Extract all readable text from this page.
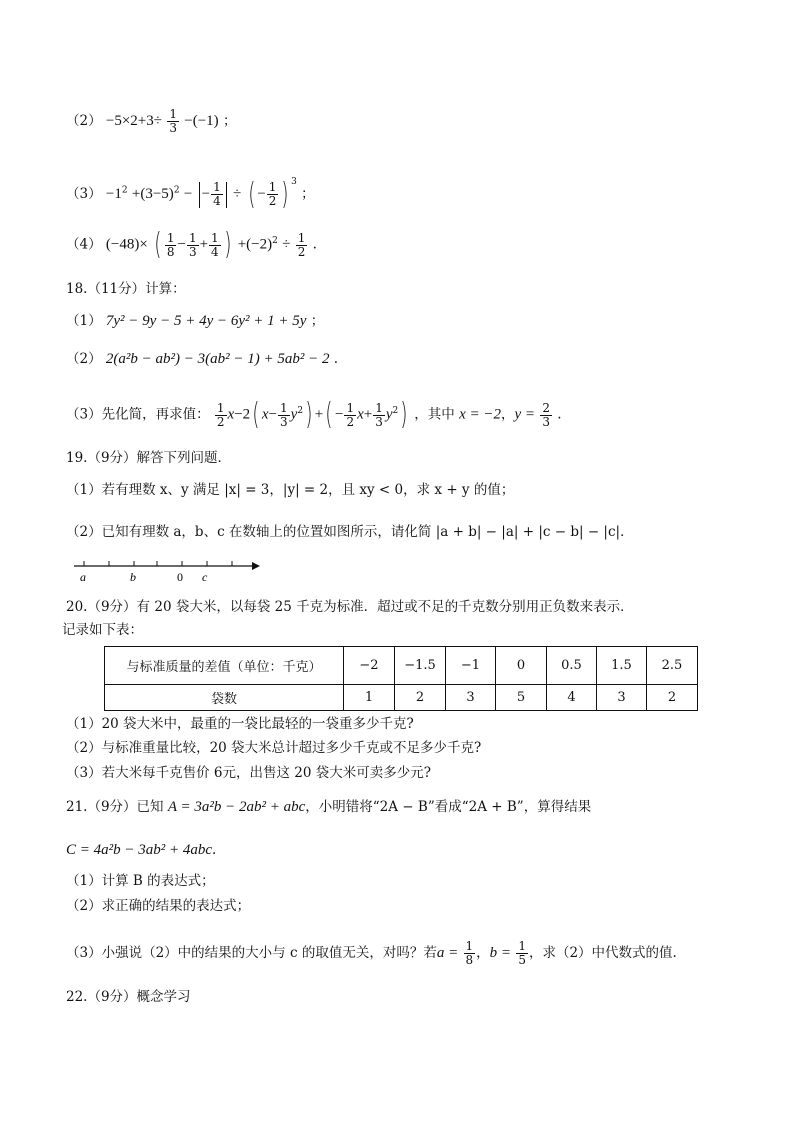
$(2) -5\times 2+3\div \frac{1}{3} -(-1)$ ；
$(3) -1^2 +(3-5)^2$ − − $\frac{1}{4}$ ÷ ( − $\frac{1}{2}$ ) $^3$ ；
（4） (−48)× ( $\frac{1}{8} - \frac{1}{3} + \frac{1}{4}$ ) $+(-2)^2 \div \frac{1}{2}$ .
18.（11分）计算：
（1） 7y² − 9y − 5 + 4y − 6y² + 1 + 5y ；
（2） 2(a²b − ab²) − 3(ab² − 1) + 5ab² − 2 .
（3）先化简，再求值： $\frac{1}{2} x-2$( $x- \frac{1}{3} y^2$) +( − $\frac{1}{2} x+ \frac{1}{3} y^2$) ，其中 x = −2，$y = \frac{2}{3}$ .
19.（9分）解答下列问题．
（1）若有理数 x、y 满足 |x| = 3，|y| = 2，且 xy < 0，求 x + y 的值；
（2）已知有理数 a，b、c 在数轴上的位置如图所示，请化简 |a + b| − |a| + |c − b| − |c|．
a	b	0 c
20.（9分）有 20 袋大米，以每袋 25 千克为标准．超过或不足的千克数分别用正负数来表示．
记录如下表：
与标准质量的差值（单位：千克）	−2	−1.5	−1	0	0.5	1.5	2.5
袋数	1	2	3	5	4	3	2
（1）20 袋大米中，最重的一袋比最轻的一袋重多少千克?
（2）与标准重量比较，20 袋大米总计超过多少千克或不足多少千克?
（3）若大米每千克售价 6元，出售这 20 袋大米可卖多少元?
21.（9分）已知 A = 3a²b − 2ab² + abc，小明错将“2A − B”看成“2A + B”，算得结果
C = 4a²b − 3ab² + 4abc.
（1）计算 B 的表达式；
（2）求正确的结果的表达式；
（3）小强说（2）中的结果的大小与 c 的取值无关，对吗？若$a = \frac{1}{8}$ ，$b = \frac{1}{5}$ ，求（2）中代数式的值.
22.（9分）概念学习
